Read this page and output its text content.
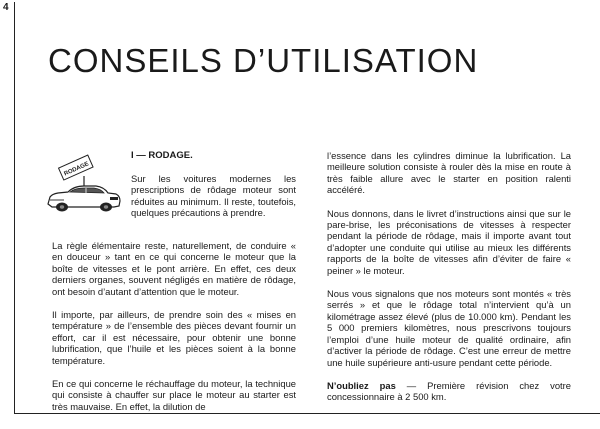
4
CONSEILS D’UTILISATION
RODAGE
I — RODAGE.
Sur les voitures modernes les prescriptions de rôdage moteur sont réduites au minimum. Il reste, toutefois, quelques précautions à prendre.

La règle élémentaire reste, naturellement, de conduire « en douceur » tant en ce qui concerne le moteur que la boîte de vitesses et le pont arrière. En effet, ces deux derniers organes, souvent négligés en matière de rôdage, ont besoin d’autant d’attention que le moteur.

Il importe, par ailleurs, de prendre soin des « mises en température » de l’ensemble des pièces devant fournir un effort, car il est nécessaire, pour obtenir une bonne lubrification, que l’huile et les pièces soient à la bonne température.

En ce qui concerne le réchauffage du moteur, la technique qui consiste à chauffer sur place le moteur au starter est très mauvaise. En effet, la dilution de

l’essence dans les cylindres diminue la lubrification. La meilleure solution consiste à rouler dès la mise en route à très faible allure avec le starter en position ralenti accéléré.

Nous donnons, dans le livret d’instructions ainsi que sur le pare-brise, les préconisations de vitesses à respecter pendant la période de rôdage, mais il importe avant tout d’adopter une conduite qui utilise au mieux les différents rapports de la boîte de vitesses afin d’éviter de faire « peiner » le moteur.

Nous vous signalons que nos moteurs sont montés « très serrés » et que le rôdage total n’intervient qu’à un kilométrage assez élevé (plus de 10.000 km). Pendant les 5 000 premiers kilomètres, nous prescrivons toujours l’emploi d’une huile moteur de qualité ordinaire, afin d’activer la période de rôdage. C’est une erreur de mettre une huile supérieure anti-usure pendant cette période.

N’oubliez pas — Première révision chez votre concessionnaire à 2 500 km.
